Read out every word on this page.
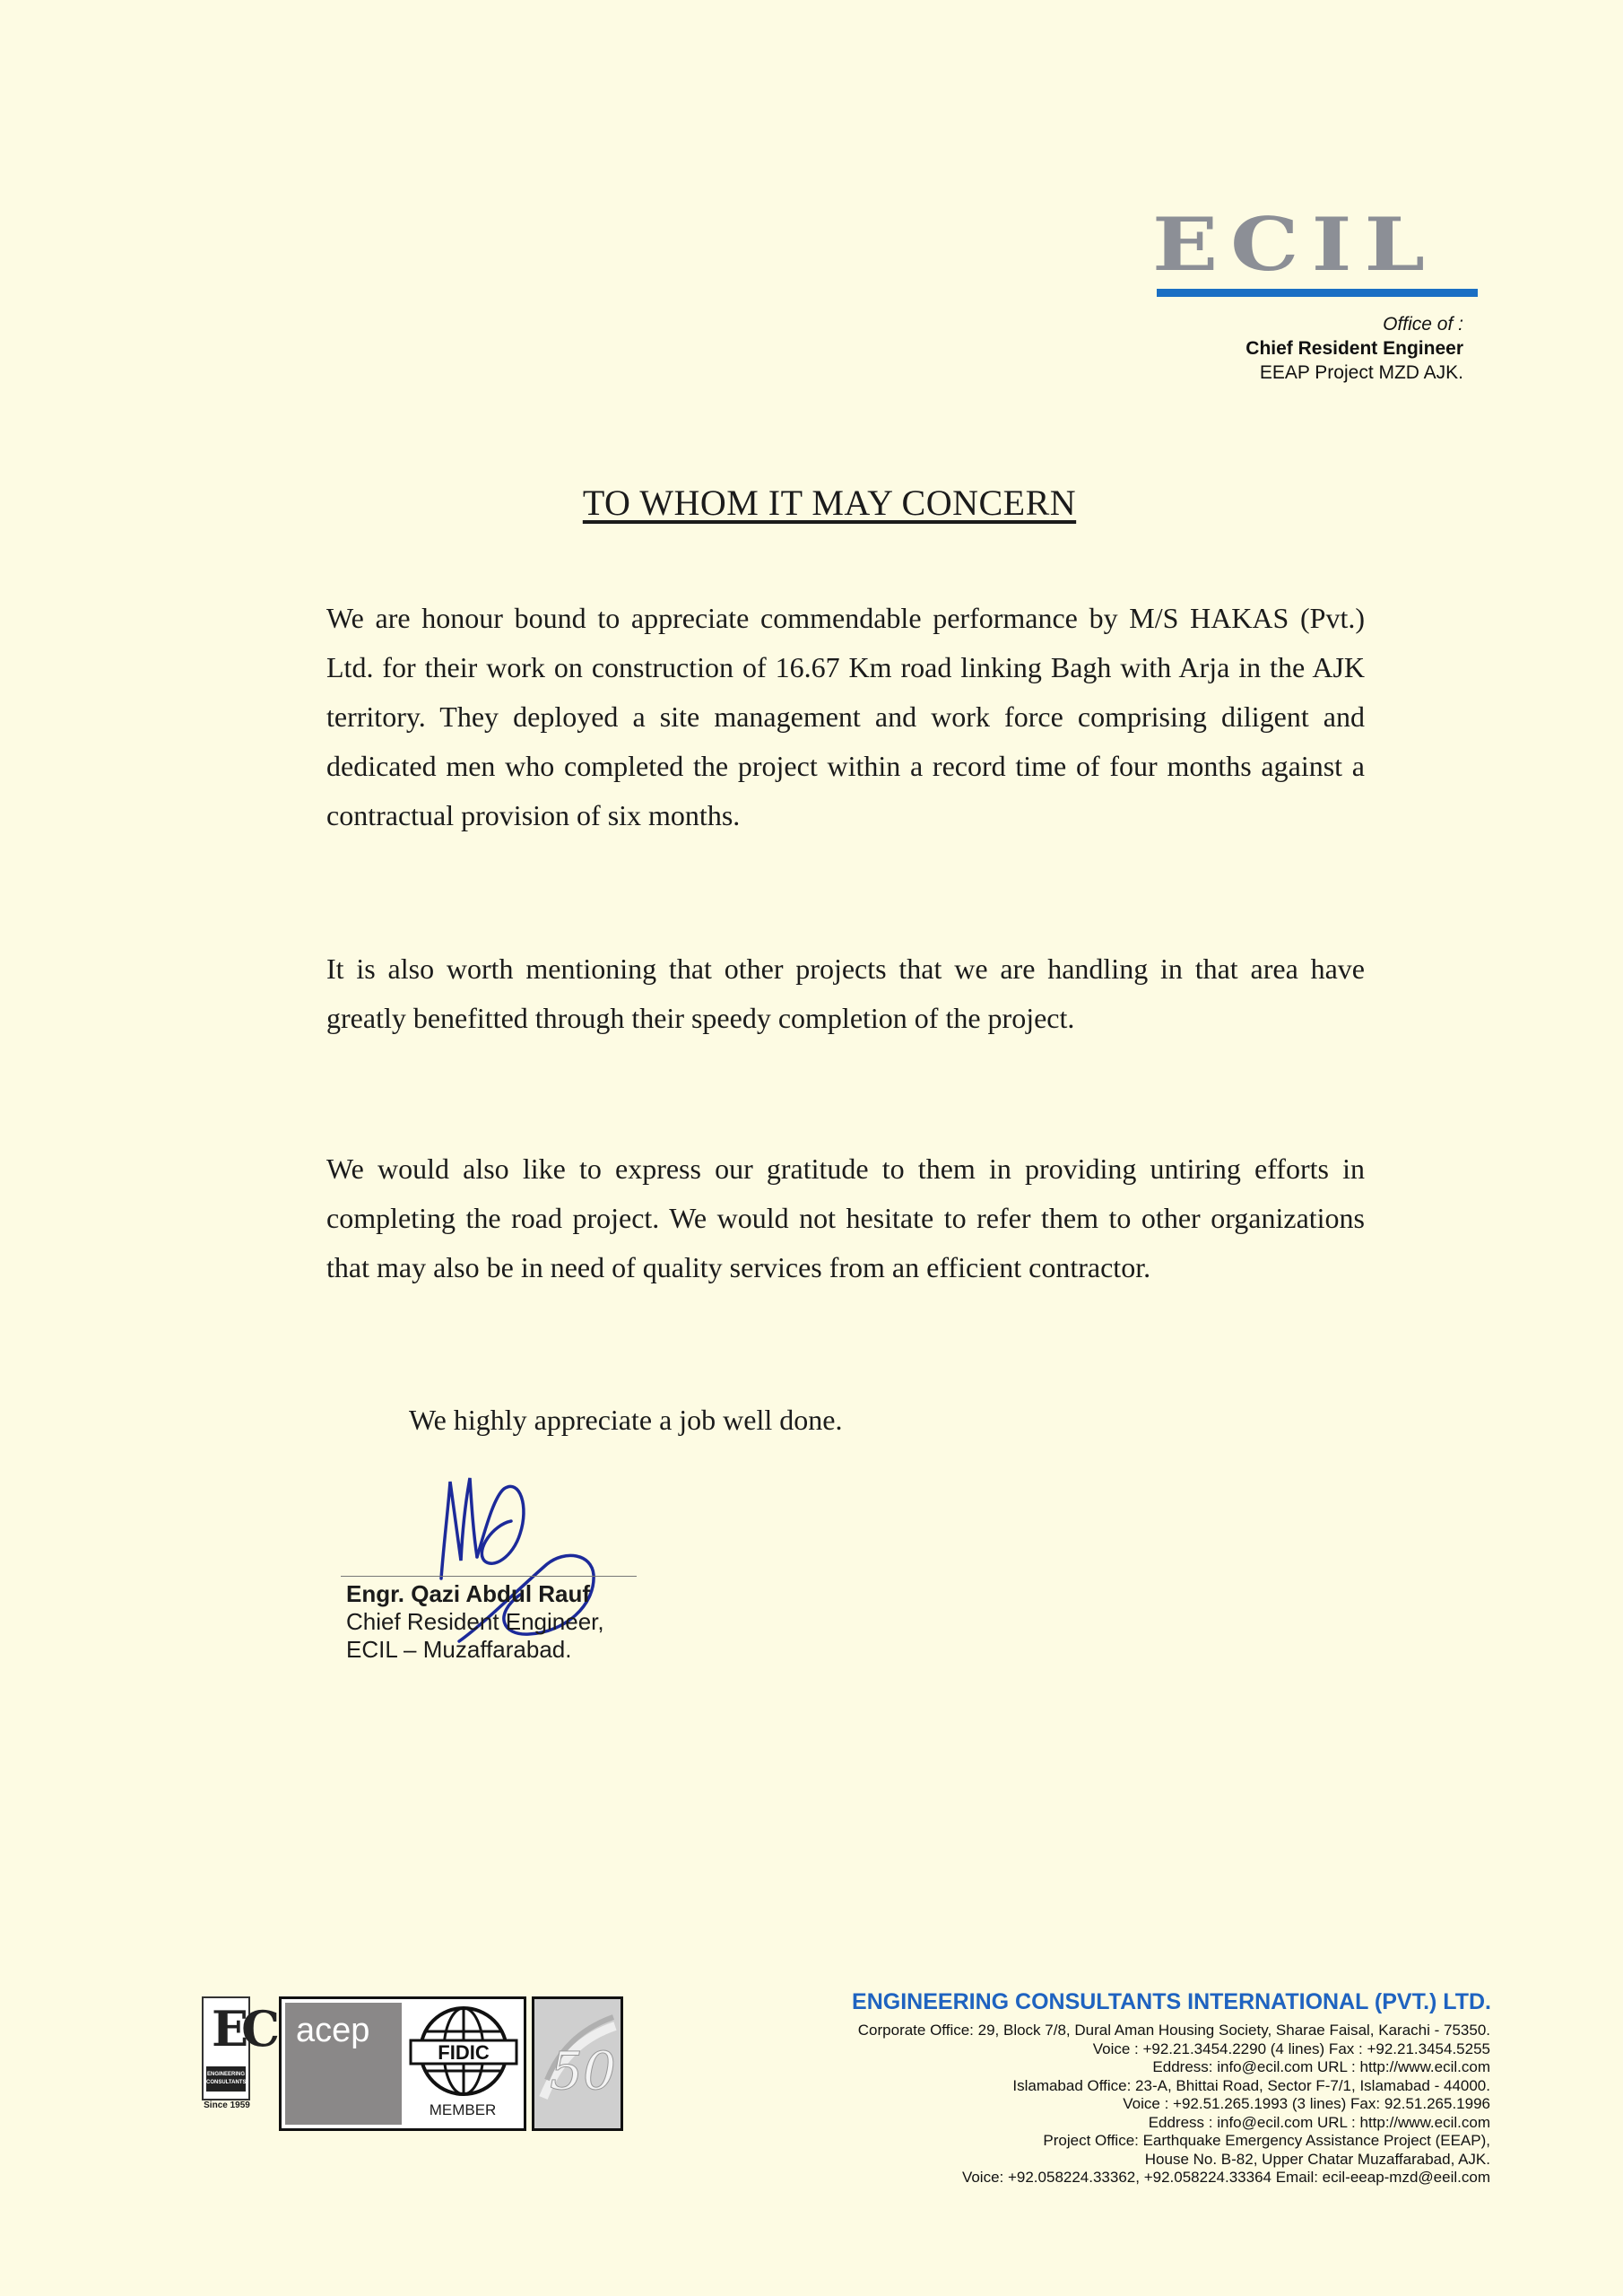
ECIL
Office of :
Chief Resident Engineer
EEAP Project MZD AJK.
TO WHOM IT MAY CONCERN

We are honour bound to appreciate commendable performance by M/S HAKAS (Pvt.) Ltd. for their work on construction of 16.67 Km road linking Bagh with Arja in the AJK territory. They deployed a site management and work force comprising diligent and dedicated men who completed the project within a record time of four months against a contractual provision of six months.

It is also worth mentioning that other projects that we are handling in that area have greatly benefitted through their speedy completion of the project.

We would also like to express our gratitude to them in providing untiring efforts in completing the road project. We would not hesitate to refer them to other organizations that may also be in need of quality services from an efficient contractor.

We highly appreciate a job well done.

Engr. Qazi Abdul Rauf
Chief Resident Engineer,
ECIL – Muzaffarabad.
EC
ENGINEERING CONSULTANTS
Since 1959
acep
FIDIC
MEMBER
50
ENGINEERING CONSULTANTS INTERNATIONAL (PVT.) LTD.
Corporate Office: 29, Block 7/8, Dural Aman Housing Society, Sharae Faisal, Karachi - 75350.
Voice : +92.21.3454.2290 (4 lines) Fax : +92.21.3454.5255
Eddress: info@ecil.com URL : http://www.ecil.com
Islamabad Office: 23-A, Bhittai Road, Sector F-7/1, Islamabad - 44000.
Voice : +92.51.265.1993 (3 lines) Fax: 92.51.265.1996
Eddress : info@ecil.com URL : http://www.ecil.com
Project Office: Earthquake Emergency Assistance Project (EEAP),
House No. B-82, Upper Chatar Muzaffarabad, AJK.
Voice: +92.058224.33362, +92.058224.33364 Email: ecil-eeap-mzd@eeil.com
